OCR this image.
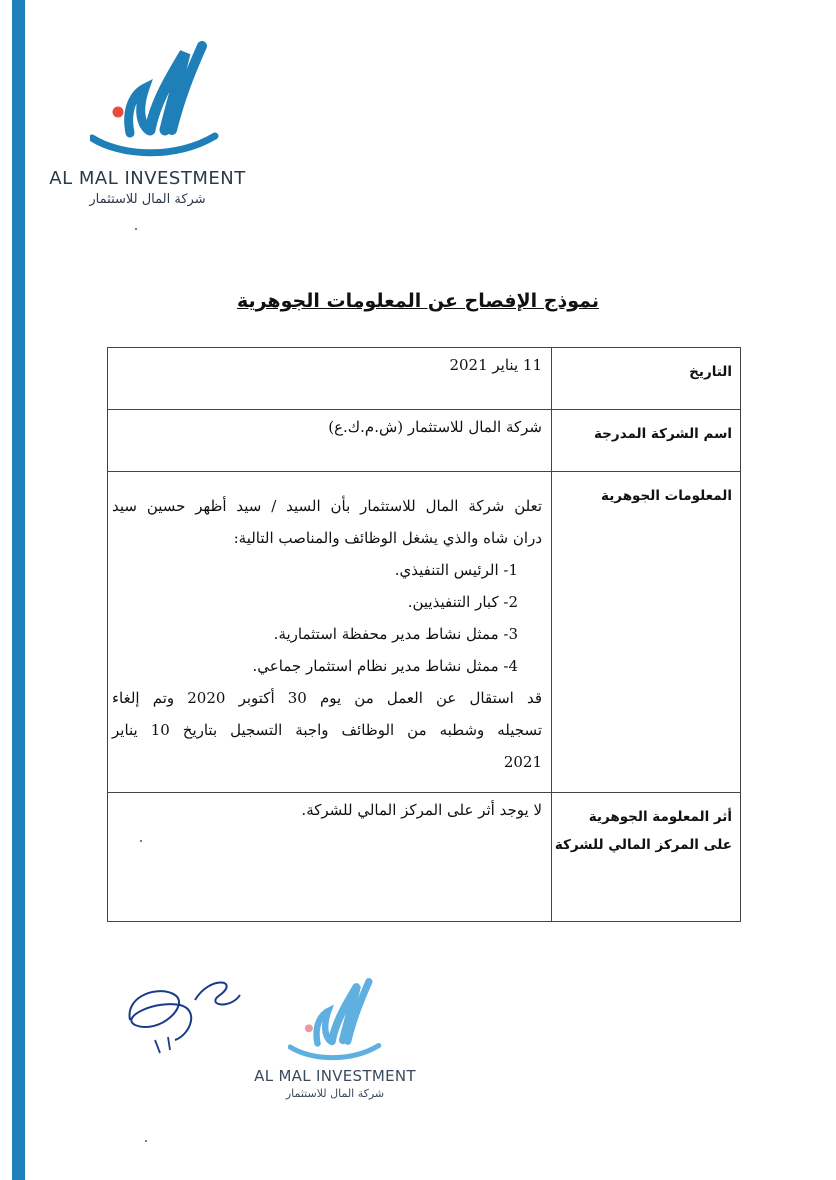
AL MAL INVESTMENT
شركة المال للاستثمار
نموذج الإفصاح عن المعلومات الجوهرية
التاريخ
11 يناير 2021
اسم الشركة المدرجة
شركة المال للاستثمار (ش.م.ك.ع)
المعلومات الجوهرية

تعلن شركة المال للاستثمار بأن السيد / سيد أظهر حسين سيد

دران شاه والذي يشغل الوظائف والمناصب التالية:

1- الرئيس التنفيذي.

2- كبار التنفيذيين.

3- ممثل نشاط مدير محفظة استثمارية.

4- ممثل نشاط مدير نظام استثمار جماعي.

قد استقال عن العمل من يوم 30 أكتوبر 2020 وتم إلغاء

تسجيله وشطبه من الوظائف واجبة التسجيل بتاريخ 10 يناير

2021

أثر المعلومة الجوهرية
على المركز المالي للشركة
لا يوجد أثر على المركز المالي للشركة.
AL MAL INVESTMENT
شركة المال للاستثمار
